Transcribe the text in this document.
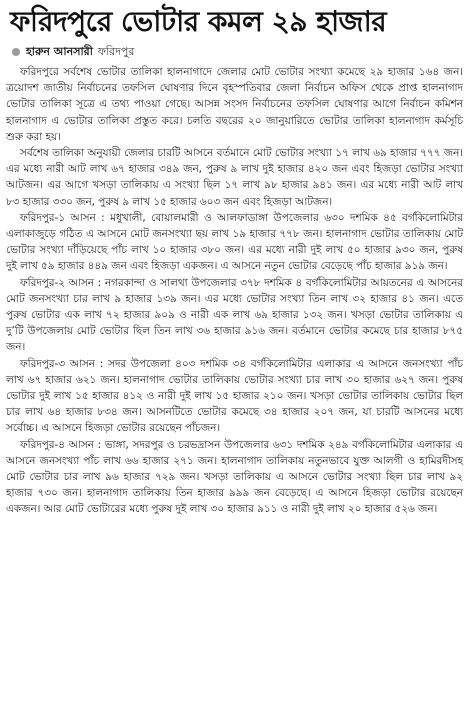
ফরিদপুরে ভোটার কমল ২৯ হাজার
হারুন আনসারী ফরিদপুর

ফরিদপুরে সর্বশেষ ভোটার তালিকা হালনাগাদে জেলার মোট ভোটার সংখ্যা কমেছে ২৯ হাজার ১৬৪ জন। ত্রয়োদশ জাতীয় নির্বাচনের তফসিল ঘোষণার দিনে বৃহস্পতিবার জেলা নির্বাচন অফিস থেকে প্রাপ্ত হালনাগাদ ভোটার তালিকা সূত্রে এ তথ্য পাওয়া গেছে। আসন্ন সংসদ নির্বাচনের তফসিল ঘোষণার আগে নির্বাচন কমিশন হালনাগাদ এ ভোটার তালিকা প্রস্তুত করে। চলতি বছরের ২০ জানুয়ারিতে ভোটার তালিকা হালনাগাদ কর্মসূচি শুরু করা হয়।

সর্বশেষ তালিকা অনুযায়ী জেলার চারটি আসনে বর্তমানে মোট ভোটার সংখ্যা ১৭ লাখ ৬৯ হাজার ৭৭৭ জন। এর মধ্যে নারী আট লাখ ৬৭ হাজার ৩৪৯ জন, পুরুষ ৯ লাখ দুই হাজার ৪২০ জন এবং হিজড়া ভোটার সংখ্যা আটজন। এর আগে খসড়া তালিকায় এ সংখ্যা ছিল ১৭ লাখ ৯৮ হাজার ৯৪১ জন। এর মধ্যে নারী আট লাখ ৮৩ হাজার ৩৩০ জন, পুরুষ ৯ লাখ ১৫ হাজার ৬০৩ জন এবং হিজড়া আটজন।

ফরিদপুর-১ আসন : মধুখালী, বোয়ালমারী ও আলফাডাঙ্গা উপজেলার ৬৩০ দশমিক ৪৫ বর্গকিলোমিটার এলাকাজুড়ে গঠিত এ আসনে মোট জনসংখ্যা ছয় লাখ ১৯ হাজার ৭৭৮ জন। হালনাগাদ ভোটার তালিকায় মোট ভোটার সংখ্যা দাঁড়িয়েছে পাঁচ লাখ ১০ হাজার ৩৮০ জন। এর মধ্যে নারী দুই লাখ ৫০ হাজার ৯৩০ জন, পুরুষ দুই লাখ ৫৯ হাজার ৪৪৯ জন এবং হিজড়া একজন। এ আসনে নতুন ভোটার বেড়েছে পাঁচ হাজার ৯১৯ জন।

ফরিদপুর-২ আসন : নগরকান্দা ও সালথা উপজেলার ৩৭৮ দশমিক ৪ বর্গকিলোমিটার আয়তনের এ আসনের মোট জনসংখ্যা চার লাখ ৯ হাজার ১৩৯ জন। এর মধ্যে ভোটার সংখ্যা তিন লাখ ৩২ হাজার ৪১ জন। এতে পুরুষ ভোটার এক লাখ ৭২ হাজার ৯০৯ ও নারী এক লাখ ৬৯ হাজার ১৩২ জন। খসড়া ভোটার তালিকায় এ দু’টি উপজেলায় মোট ভোটার ছিল তিন লাখ ৩৬ হাজার ৯১৬ জন। বর্তমানে ভোটার কমেছে চার হাজার ৮৭৫ জন।

ফরিদপুর-৩ আসন : সদর উপজেলা ৪০৩ দশমিক ৩৪ বর্গকিলোমিটার এলাকার এ আসনে জনসংখ্যা পাঁচ লাখ ৬৭ হাজার ৬২১ জন। হালনাগাদ ভোটার তালিকায় ভোটার সংখ্যা চার লাখ ৩০ হাজার ৬২৭ জন। পুরুষ ভোটার দুই লাখ ১৫ হাজার ৪১২ ও নারী দুই লাখ ১৫ হাজার ২১০ জন। খসড়া ভোটার তালিকায় ভোটার ছিল চার লাখ ৬৪ হাজার ৮৩৪ জন। আসনটিতে ভোটার কমেছে ৩৪ হাজার ২০৭ জন, যা চারটি আসনের মধ্যে সর্বোচ্চ। এ আসনে হিজড়া ভোটার রয়েছেন পাঁচজন।

ফরিদপুর-৪ আসন : ভাঙ্গা, সদরপুর ও চরভদ্রাসন উপজেলার ৬৩১ দশমিক ২৪৯ বর্গকিলোমিটার এলাকার এ আসনে জনসংখ্যা পাঁচ লাখ ৬৬ হাজার ২৭১ জন। হালনাগাদ তালিকায় নতুনভাবে যুক্ত আলগী ও হামিরদীসহ মোট ভোটার চার লাখ ৯৬ হাজার ৭২৯ জন। খসড়া তালিকায় এ আসনে ভোটার সংখ্যা ছিল চার লাখ ৯২ হাজার ৭৩০ জন। হালনাগাদ তালিকায় তিন হাজার ৯৯৯ জন বেড়েছে। এ আসনে হিজড়া ভোটার রয়েছেন একজন। আর মোট ভোটারের মধ্যে পুরুষ দুই লাখ ৩০ হাজার ৯১১ ও নারী দুই লাখ ২০ হাজার ৫২৬ জন।
